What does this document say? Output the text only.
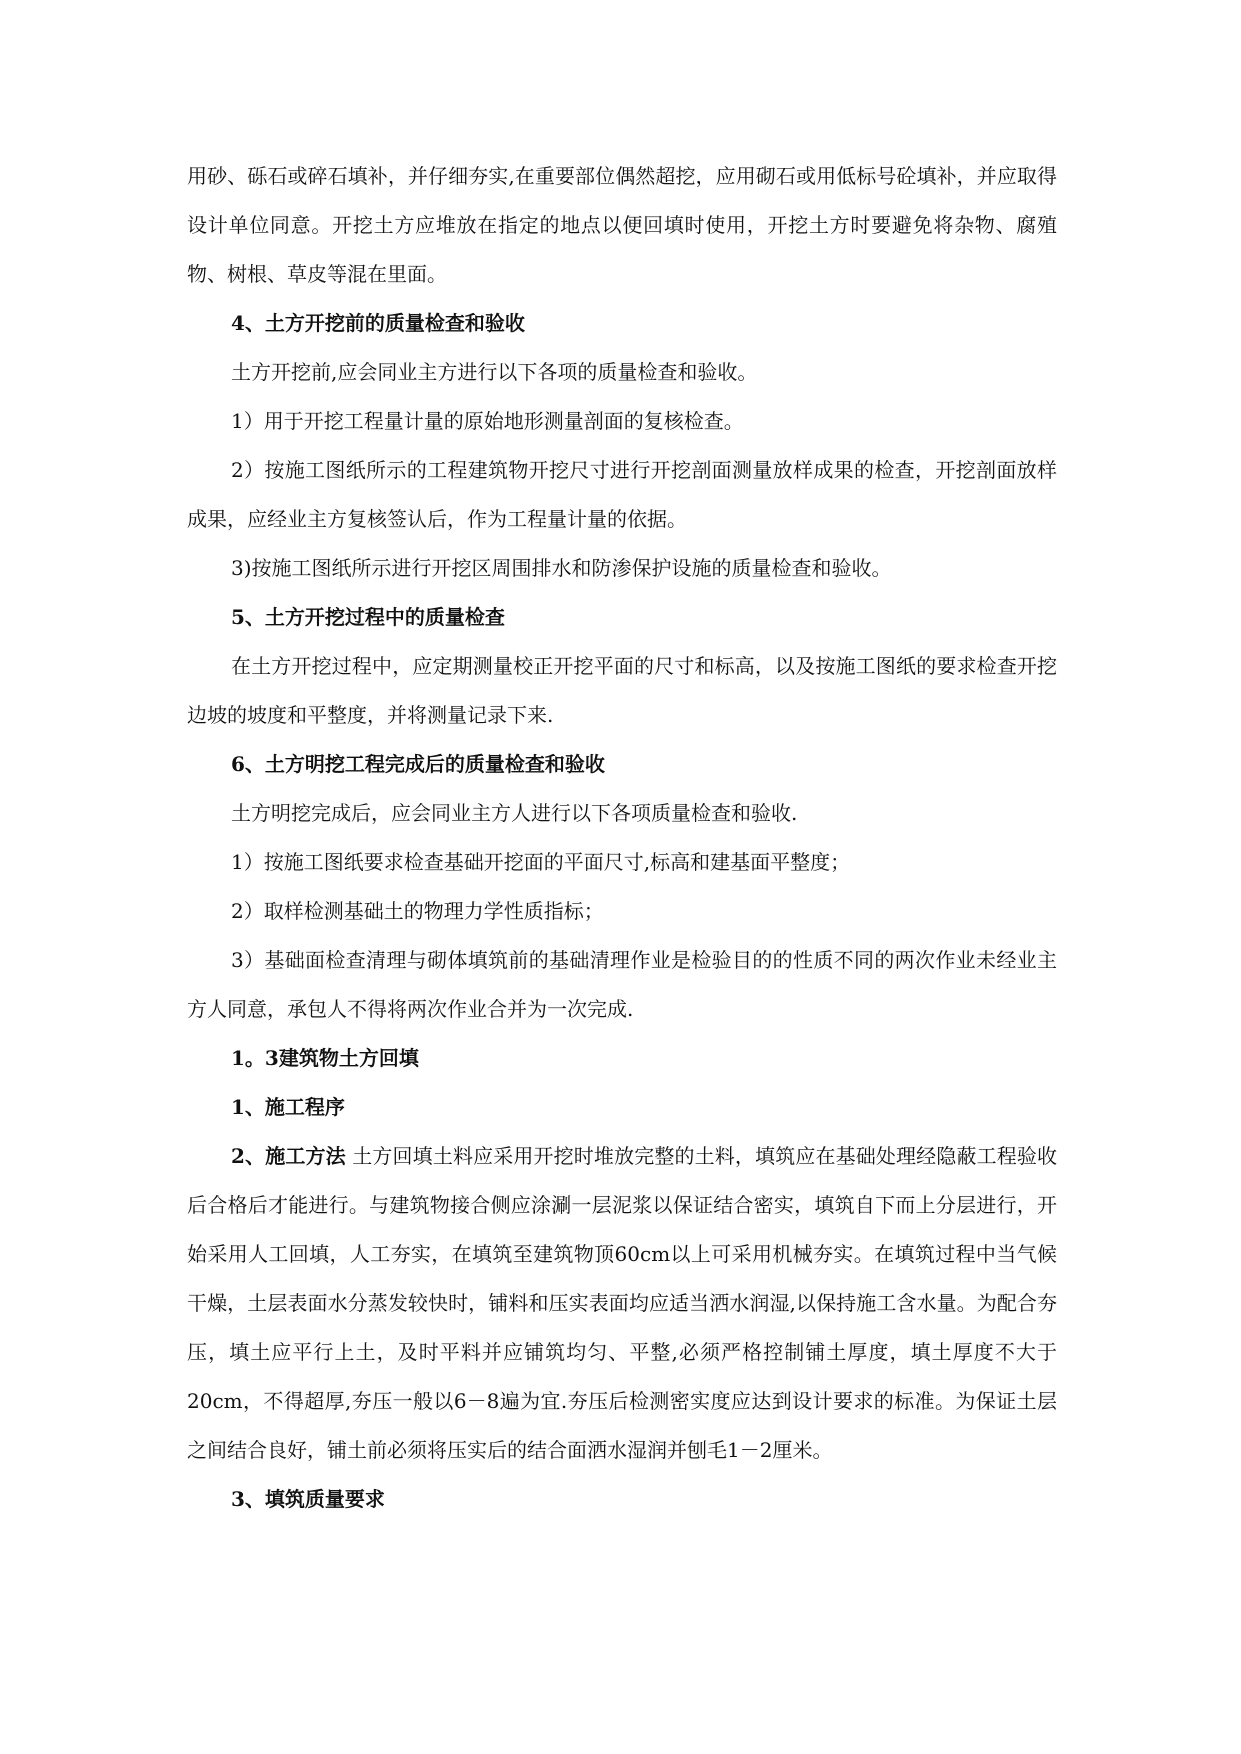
用砂、砾石或碎石填补，并仔细夯实,在重要部位偶然超挖，应用砌石或用低标号砼填补，并应取得设计单位同意。开挖土方应堆放在指定的地点以便回填时使用，开挖土方时要避免将杂物、腐殖物、树根、草皮等混在里面。

4、土方开挖前的质量检查和验收

土方开挖前,应会同业主方进行以下各项的质量检查和验收。

1）用于开挖工程量计量的原始地形测量剖面的复核检查。

2）按施工图纸所示的工程建筑物开挖尺寸进行开挖剖面测量放样成果的检查，开挖剖面放样成果，应经业主方复核签认后，作为工程量计量的依据。

3)按施工图纸所示进行开挖区周围排水和防渗保护设施的质量检查和验收。

5、土方开挖过程中的质量检查

在土方开挖过程中，应定期测量校正开挖平面的尺寸和标高，以及按施工图纸的要求检查开挖边坡的坡度和平整度，并将测量记录下来.

6、土方明挖工程完成后的质量检查和验收

土方明挖完成后，应会同业主方人进行以下各项质量检查和验收.

1）按施工图纸要求检查基础开挖面的平面尺寸,标高和建基面平整度；

2）取样检测基础土的物理力学性质指标；

3）基础面检查清理与砌体填筑前的基础清理作业是检验目的的性质不同的两次作业未经业主方人同意，承包人不得将两次作业合并为一次完成.

1。3建筑物土方回填

1、施工程序

2、施工方法 土方回填土料应采用开挖时堆放完整的土料，填筑应在基础处理经隐蔽工程验收后合格后才能进行。与建筑物接合侧应涂涮一层泥浆以保证结合密实，填筑自下而上分层进行，开始采用人工回填，人工夯实，在填筑至建筑物顶60cm以上可采用机械夯实。在填筑过程中当气候干燥，土层表面水分蒸发较快时，铺料和压实表面均应适当洒水润湿,以保持施工含水量。为配合夯压，填土应平行上土，及时平料并应铺筑均匀、平整,必须严格控制铺土厚度，填土厚度不大于20cm，不得超厚,夯压一般以6－8遍为宜.夯压后检测密实度应达到设计要求的标准。为保证土层之间结合良好，铺土前必须将压实后的结合面洒水湿润并刨毛1－2厘米。

3、填筑质量要求
